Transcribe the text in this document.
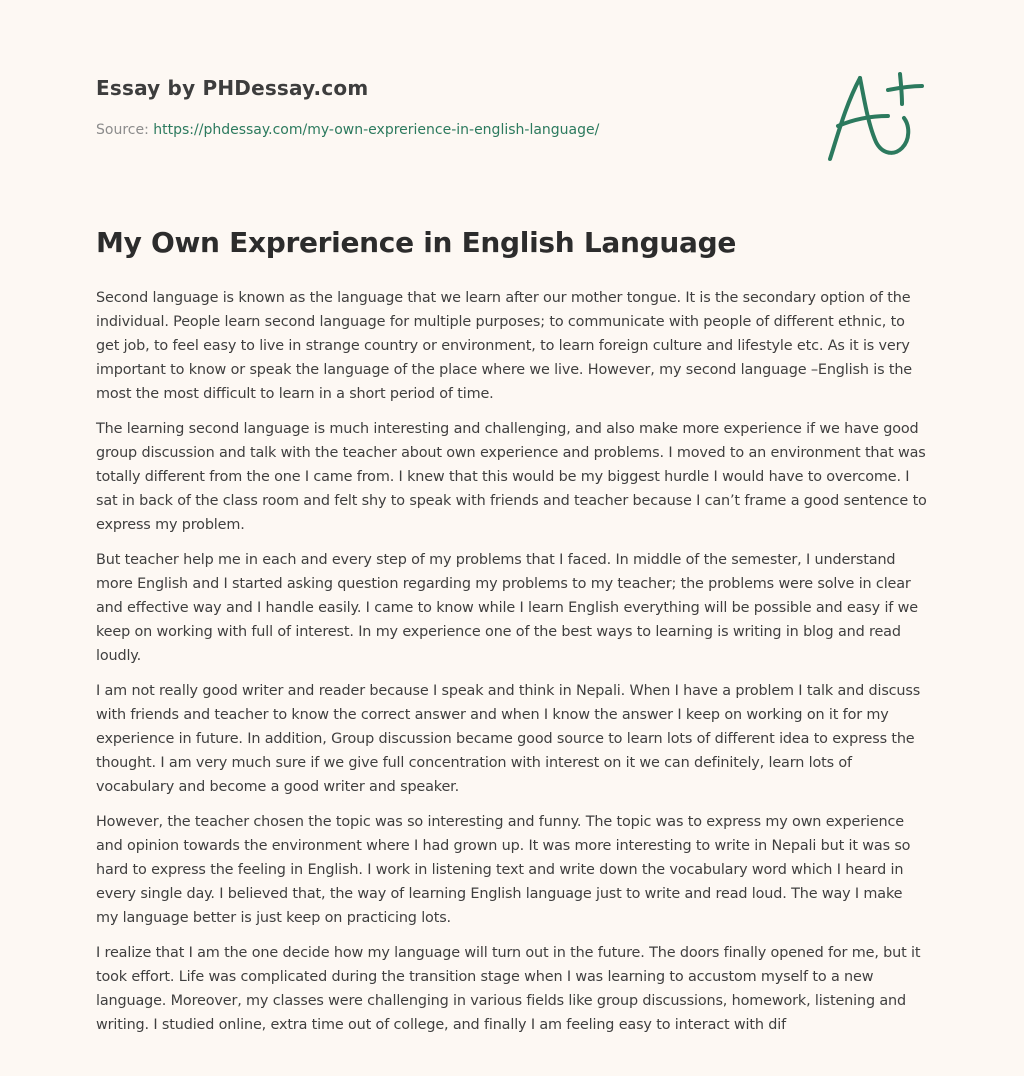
Essay by PHDessay.com
Source: https://phdessay.com/my-own-exprerience-in-english-language/
My Own Exprerience in English Language

Second language is known as the language that we learn after our mother tongue. It is the secondary option of the individual. People learn second language for multiple purposes; to communicate with people of different ethnic, to get job, to feel easy to live in strange country or environment, to learn foreign culture and lifestyle etc. As it is very important to know or speak the language of the place where we live. However, my second language –English is the most the most difficult to learn in a short period of time.

The learning second language is much interesting and challenging, and also make more experience if we have good group discussion and talk with the teacher about own experience and problems. I moved to an environment that was totally different from the one I came from. I knew that this would be my biggest hurdle I would have to overcome. I sat in back of the class room and felt shy to speak with friends and teacher because I can’t frame a good sentence to express my problem.

But teacher help me in each and every step of my problems that I faced. In middle of the semester, I understand more English and I started asking question regarding my problems to my teacher; the problems were solve in clear and effective way and I handle easily. I came to know while I learn English everything will be possible and easy if we keep on working with full of interest. In my experience one of the best ways to learning is writing in blog and read loudly.

I am not really good writer and reader because I speak and think in Nepali. When I have a problem I talk and discuss with friends and teacher to know the correct answer and when I know the answer I keep on working on it for my experience in future. In addition, Group discussion became good source to learn lots of different idea to express the thought. I am very much sure if we give full concentration with interest on it we can definitely, learn lots of vocabulary and become a good writer and speaker.

However, the teacher chosen the topic was so interesting and funny. The topic was to express my own experience and opinion towards the environment where I had grown up. It was more interesting to write in Nepali but it was so hard to express the feeling in English. I work in listening text and write down the vocabulary word which I heard in every single day. I believed that, the way of learning English language just to write and read loud. The way I make my language better is just keep on practicing lots.

I realize that I am the one decide how my language will turn out in the future. The doors finally opened for me, but it took effort. Life was complicated during the transition stage when I was learning to accustom myself to a new language. Moreover, my classes were challenging in various fields like group discussions, homework, listening and writing. I studied online, extra time out of college, and finally I am feeling easy to interact with dif
